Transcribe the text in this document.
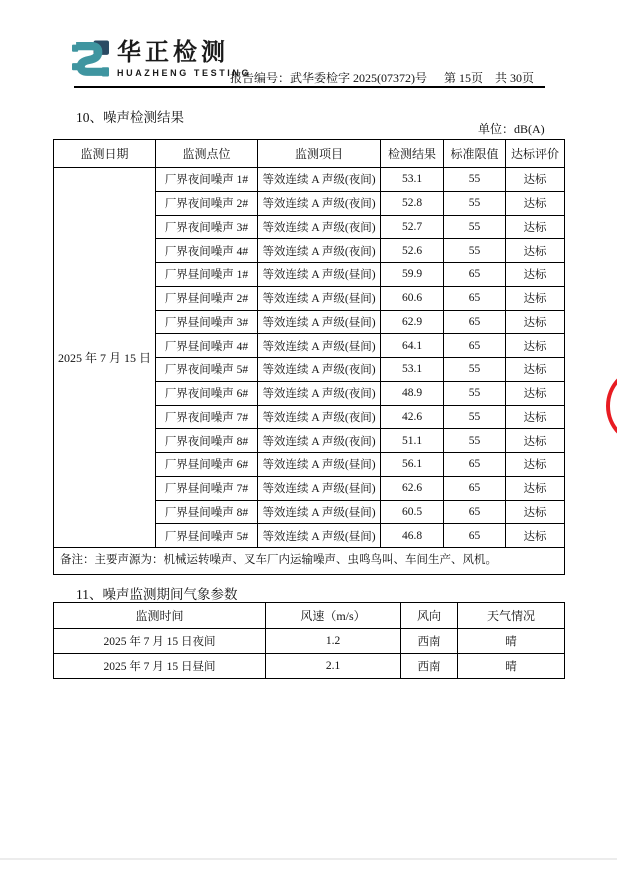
华正检测
HUAZHENG TESTING
报告编号：武华委检字 2025(07372)号 第 15页　共 30页
10、噪声检测结果
单位：dB(A)
监测日期	监测点位	监测项目	检测结果	标准限值	达标评价
2025 年 7 月 15 日	厂界夜间噪声 1#	等效连续 A 声级(夜间)	53.1	55	达标
	厂界夜间噪声 2#	等效连续 A 声级(夜间)	52.8	55	达标
	厂界夜间噪声 3#	等效连续 A 声级(夜间)	52.7	55	达标
	厂界夜间噪声 4#	等效连续 A 声级(夜间)	52.6	55	达标
	厂界昼间噪声 1#	等效连续 A 声级(昼间)	59.9	65	达标
	厂界昼间噪声 2#	等效连续 A 声级(昼间)	60.6	65	达标
	厂界昼间噪声 3#	等效连续 A 声级(昼间)	62.9	65	达标
	厂界昼间噪声 4#	等效连续 A 声级(昼间)	64.1	65	达标
	厂界夜间噪声 5#	等效连续 A 声级(夜间)	53.1	55	达标
	厂界夜间噪声 6#	等效连续 A 声级(夜间)	48.9	55	达标
	厂界夜间噪声 7#	等效连续 A 声级(夜间)	42.6	55	达标
	厂界夜间噪声 8#	等效连续 A 声级(夜间)	51.1	55	达标
	厂界昼间噪声 6#	等效连续 A 声级(昼间)	56.1	65	达标
	厂界昼间噪声 7#	等效连续 A 声级(昼间)	62.6	65	达标
	厂界昼间噪声 8#	等效连续 A 声级(昼间)	60.5	65	达标
	厂界昼间噪声 5#	等效连续 A 声级(昼间)	46.8	65	达标
备注：主要声源为：机械运转噪声、叉车厂内运输噪声、虫鸣鸟叫、车间生产、风机。					
11、噪声监测期间气象参数
监测时间	风速（m/s）	风向	天气情况
2025 年 7 月 15 日夜间	1.2	西南	晴
2025 年 7 月 15 日昼间	2.1	西南	晴
